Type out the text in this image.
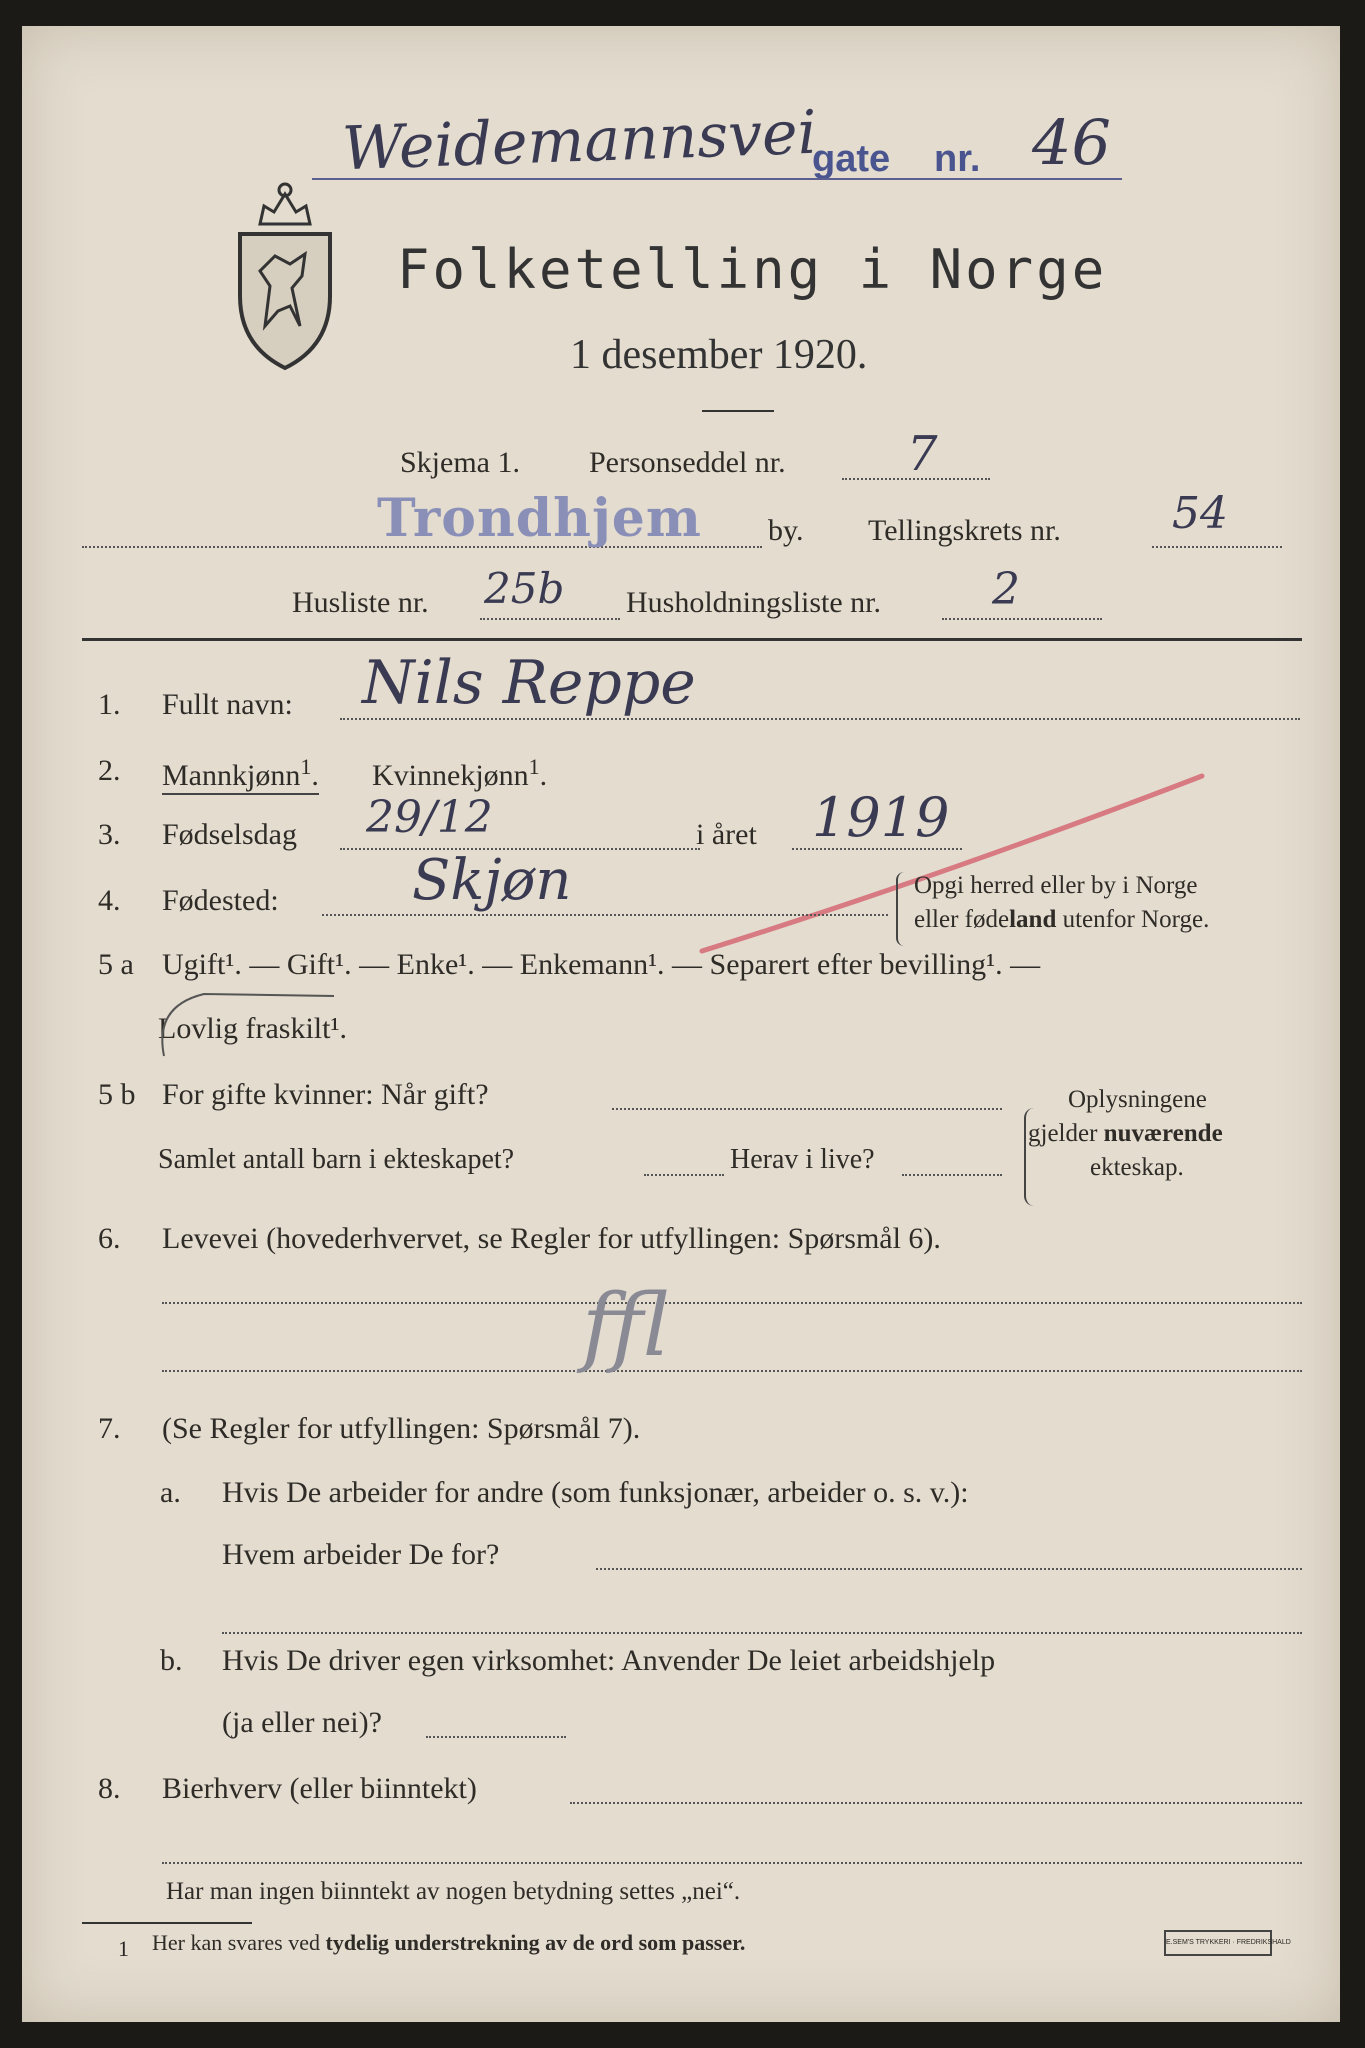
Weidemannsvei
gate nr. 46
Folketelling i Norge
1 desember 1920.
Skjema 1. Personseddel nr.	7
Trondhjem by. Tellingskrets nr.	54
Husliste nr. 25b Husholdningsliste nr.	2
1. Fullt navn: Nils Reppe
2. Mannkjønn$^1$. Kvinnekjønn$^1$.
3. Fødselsdag 29/12	i året 1919
4. Fødested: Skjøn	Opgi herred eller by i Norge
eller fødeland utenfor Norge.
5 a Ugift¹. — Gift¹. — Enke¹. — Enkemann¹. — Separert efter bevilling¹. —
Lovlig fraskilt¹.
5 b For gifte kvinner: Når gift?
Samlet antall barn i ekteskapet?	Herav i live?
Oplysningene
gjelder nuværende
ekteskap.
6. Levevei (hovederhvervet, se Regler for utfyllingen: Spørsmål 6).
ffl
7. (Se Regler for utfyllingen: Spørsmål 7).
a. Hvis De arbeider for andre (som funksjonær, arbeider o. s. v.):
Hvem arbeider De for?
b. Hvis De driver egen virksomhet: Anvender De leiet arbeidshjelp
(ja eller nei)?
8. Bierhverv (eller biinntekt)
Har man ingen biinntekt av nogen betydning settes „nei“.
1 Her kan svares ved tydelig understrekning av de ord som passer.	E.SEM'S TRYKKERI · FREDRIKSHALD
